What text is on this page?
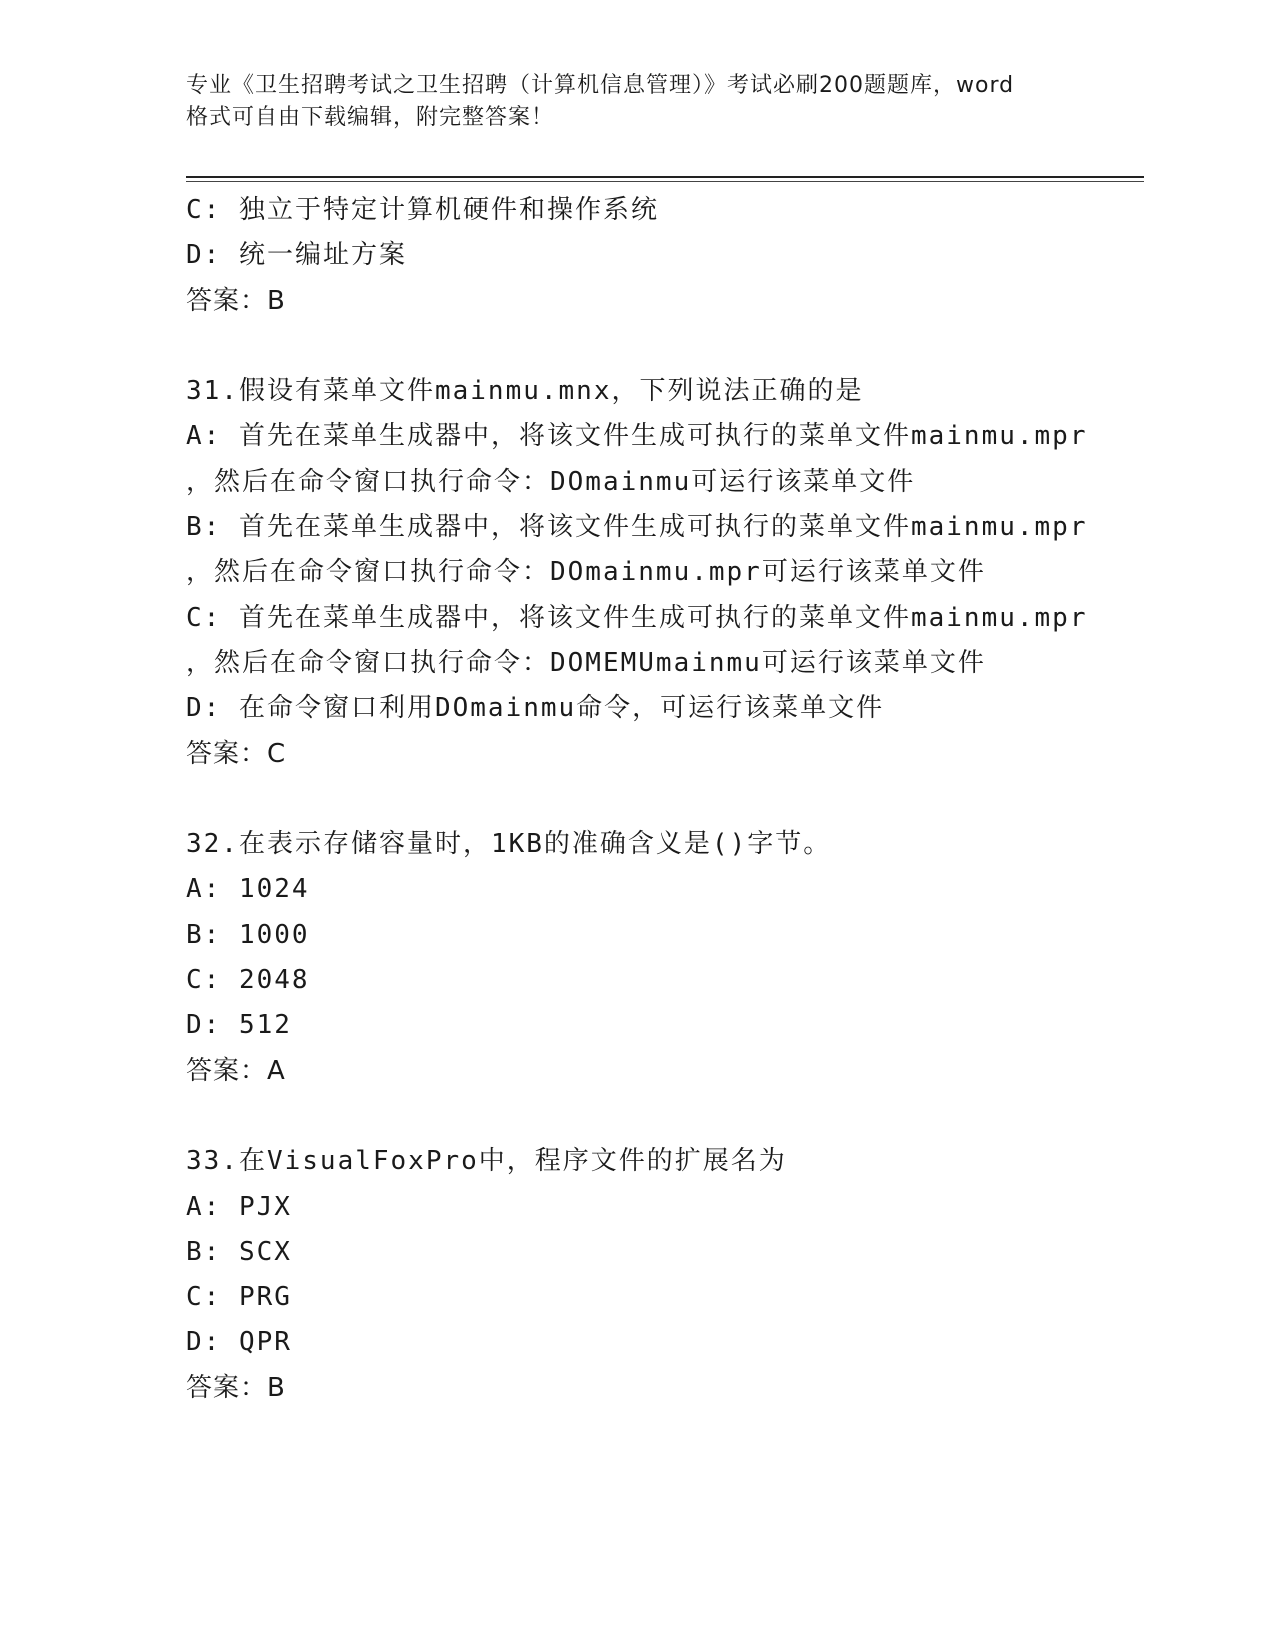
专业《卫生招聘考试之卫生招聘（计算机信息管理）》考试必刷200题题库，word
格式可自由下载编辑，附完整答案！
C: 独立于特定计算机硬件和操作系统
D: 统一编址方案
答案：B
31.假设有菜单文件mainmu.mnx，下列说法正确的是
A: 首先在菜单生成器中，将该文件生成可执行的菜单文件mainmu.mpr
，然后在命令窗口执行命令：DOmainmu可运行该菜单文件
B: 首先在菜单生成器中，将该文件生成可执行的菜单文件mainmu.mpr
，然后在命令窗口执行命令：DOmainmu.mpr可运行该菜单文件
C: 首先在菜单生成器中，将该文件生成可执行的菜单文件mainmu.mpr
，然后在命令窗口执行命令：DOMEMUmainmu可运行该菜单文件
D: 在命令窗口利用DOmainmu命令，可运行该菜单文件
答案：C
32.在表示存储容量时，1KB的准确含义是()字节。
A: 1024
B: 1000
C: 2048
D: 512
答案：A
33.在VisualFoxPro中，程序文件的扩展名为
A: PJX
B: SCX
C: PRG
D: QPR
答案：B
